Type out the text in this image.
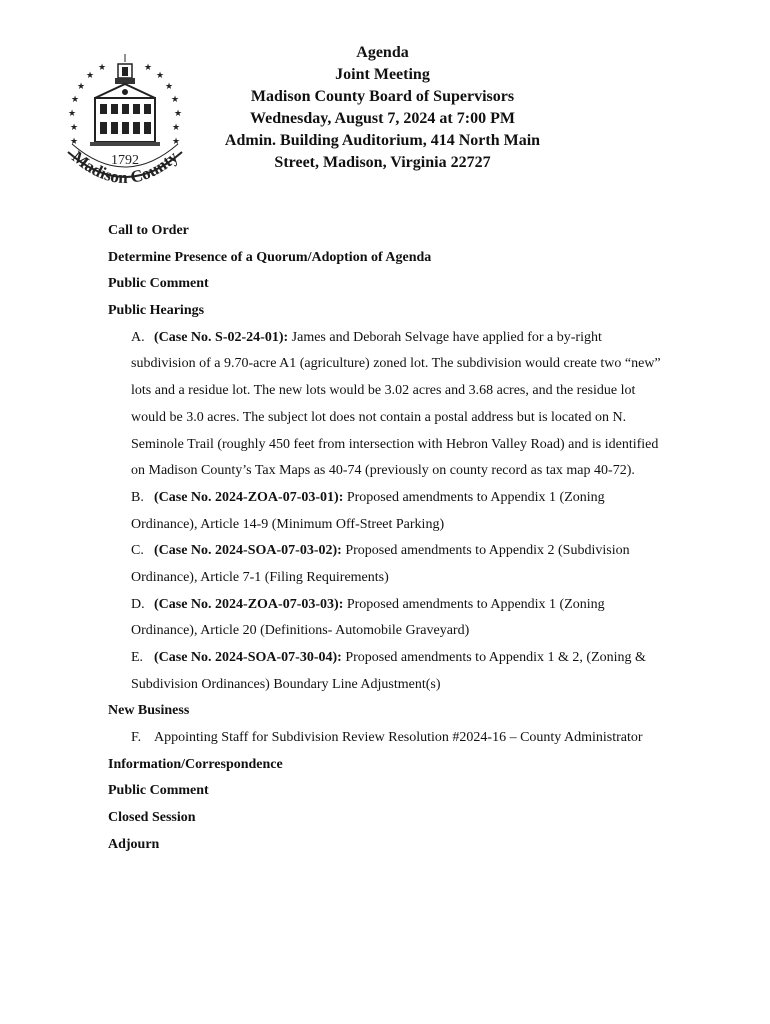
★
★
★
★
★
★	★
★
★
★
★
★
★	★
Madison County
1792
Agenda
Joint Meeting
Madison County Board of Supervisors
Wednesday, August 7, 2024 at 7:00 PM
Admin. Building Auditorium, 414 North Main
Street, Madison, Virginia 22727
Call to Order
Determine Presence of a Quorum/Adoption of Agenda
Public Comment
Public Hearings
A. (Case No. S-02-24-01): James and Deborah Selvage have applied for a by-right
subdivision of a 9.70-acre A1 (agriculture) zoned lot. The subdivision would create two “new”
lots and a residue lot. The new lots would be 3.02 acres and 3.68 acres, and the residue lot
would be 3.0 acres. The subject lot does not contain a postal address but is located on N.
Seminole Trail (roughly 450 feet from intersection with Hebron Valley Road) and is identified
on Madison County’s Tax Maps as 40-74 (previously on county record as tax map 40-72).
B. (Case No. 2024-ZOA-07-03-01): Proposed amendments to Appendix 1 (Zoning
Ordinance), Article 14-9 (Minimum Off-Street Parking)
C. (Case No. 2024-SOA-07-03-02): Proposed amendments to Appendix 2 (Subdivision
Ordinance), Article 7-1 (Filing Requirements)
D. (Case No. 2024-ZOA-07-03-03): Proposed amendments to Appendix 1 (Zoning
Ordinance), Article 20 (Definitions- Automobile Graveyard)
E. (Case No. 2024-SOA-07-30-04): Proposed amendments to Appendix 1 & 2, (Zoning &
Subdivision Ordinances) Boundary Line Adjustment(s)
New Business
F. Appointing Staff for Subdivision Review Resolution #2024-16 – County Administrator
Information/Correspondence
Public Comment
Closed Session
Adjourn
